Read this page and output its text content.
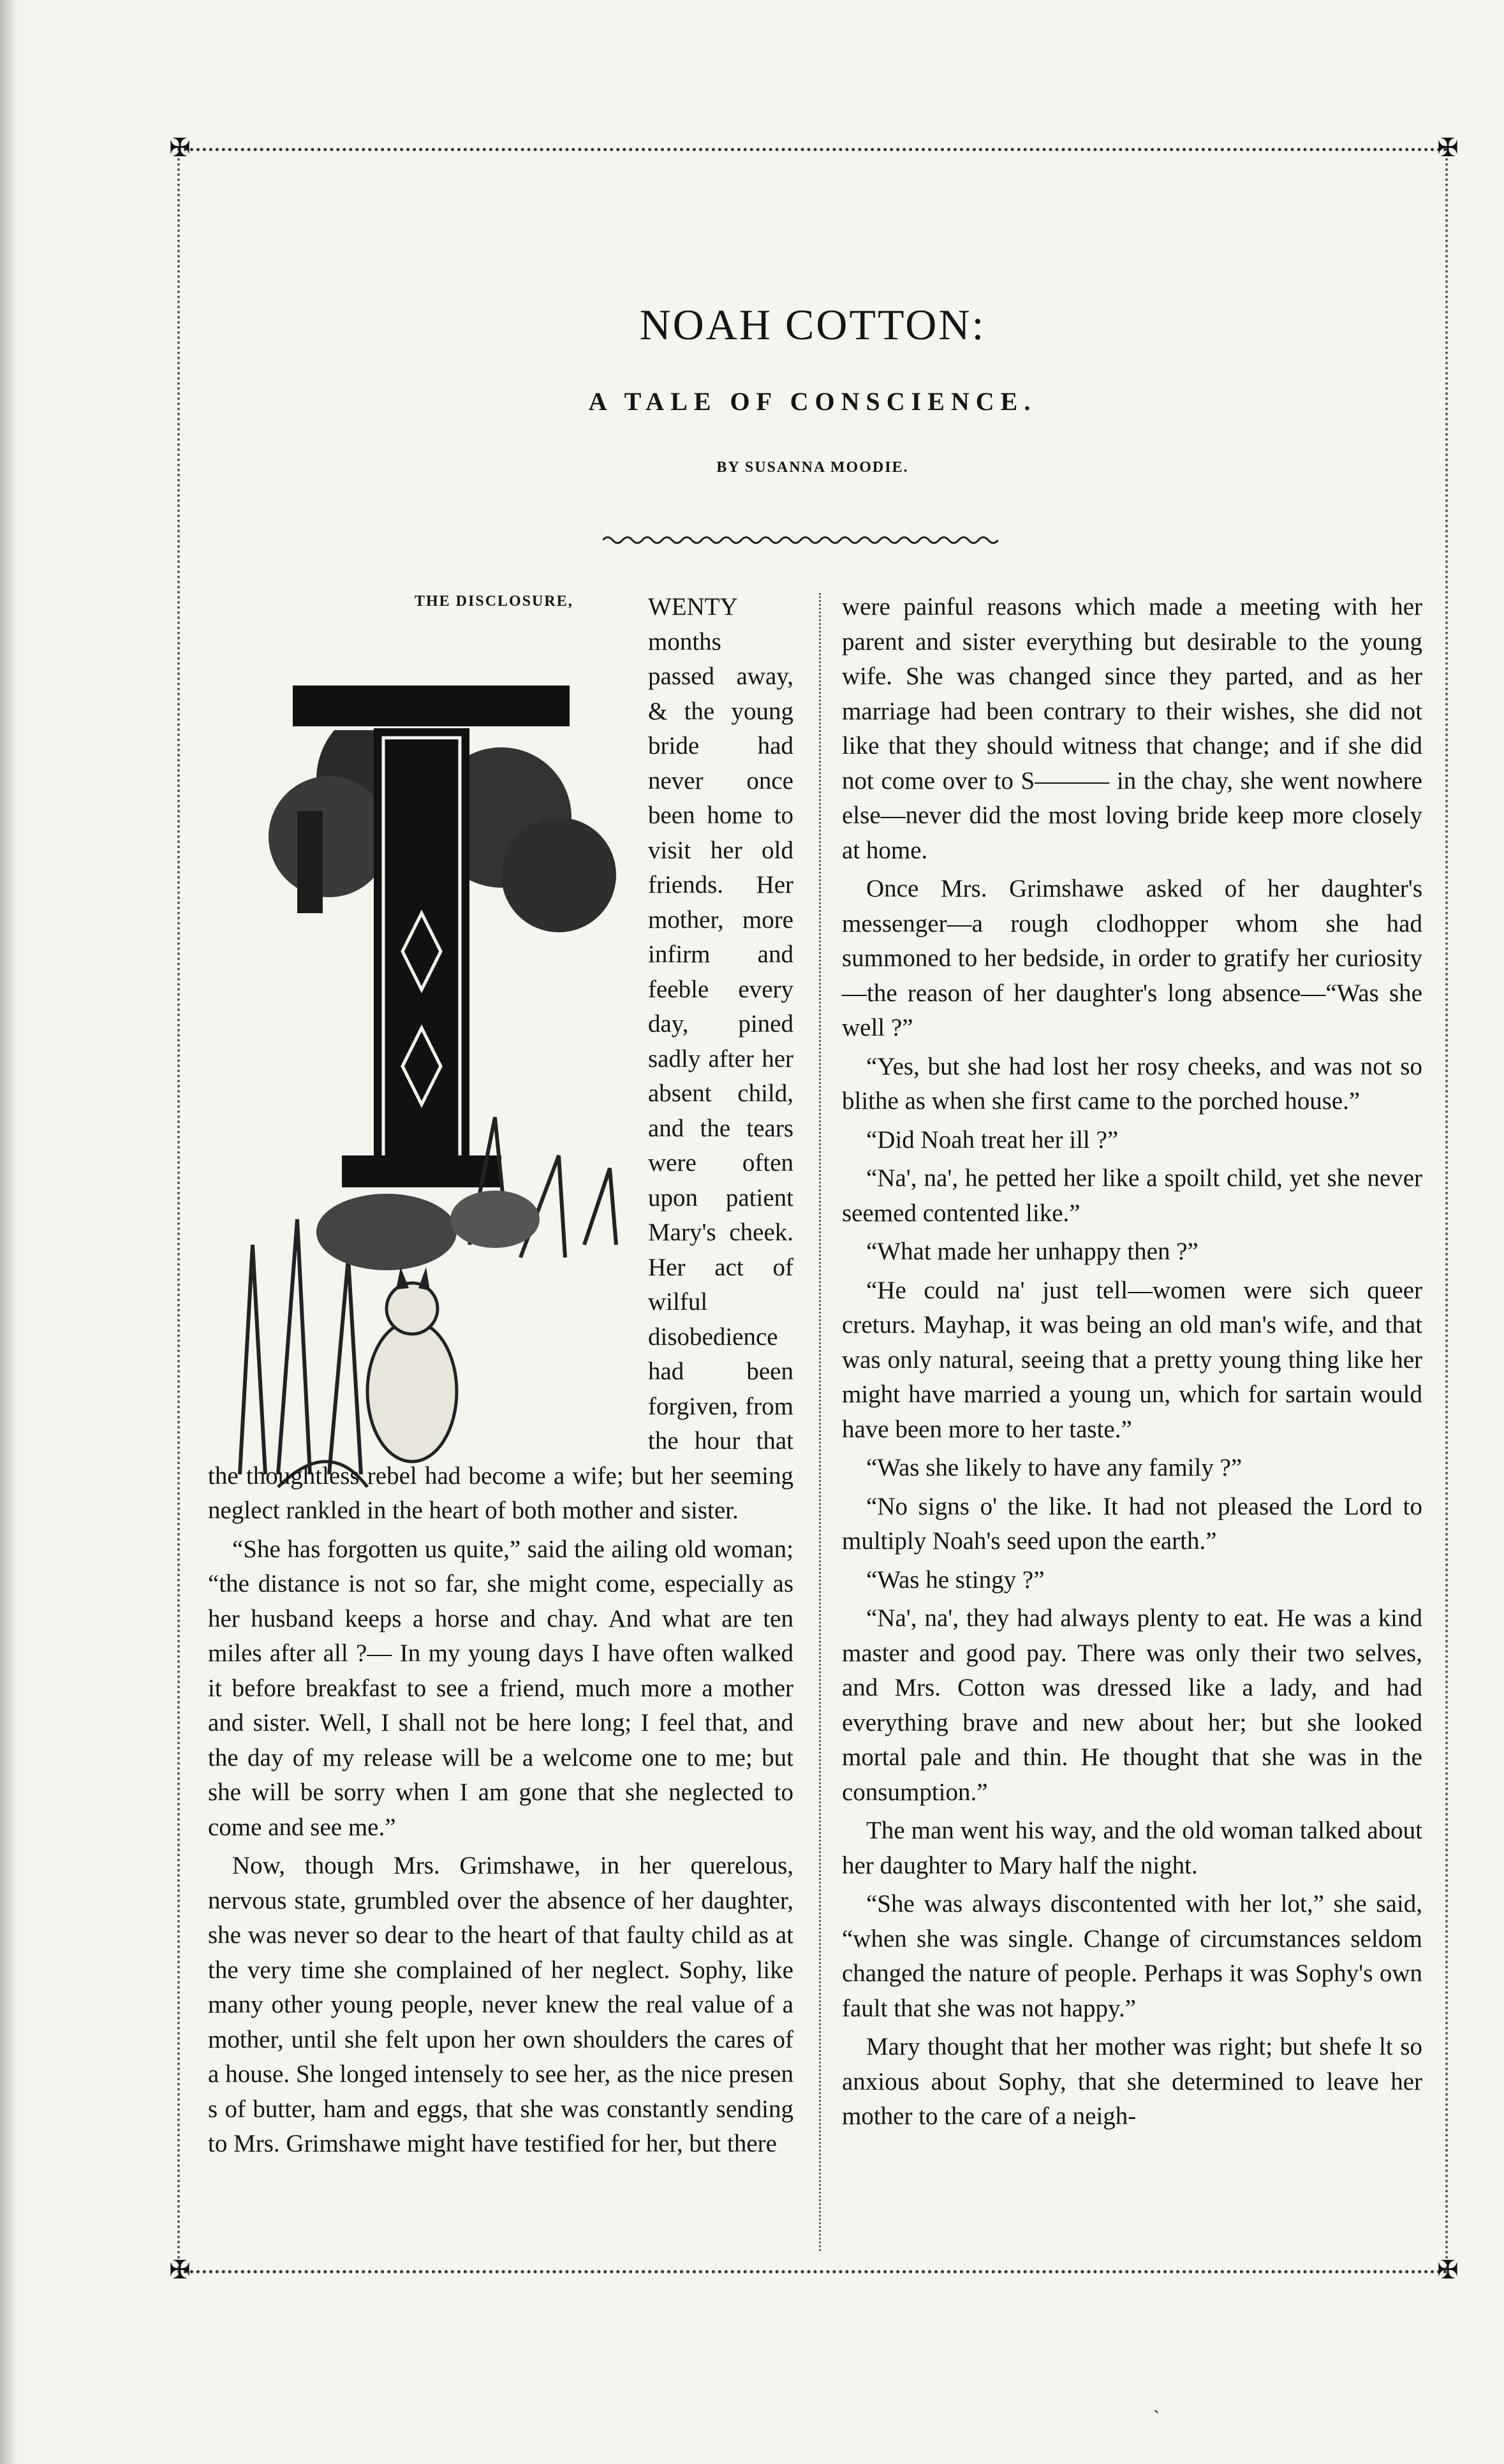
✠	✠
✠	✠
NOAH COTTON:
A TALE OF CONSCIENCE.
BY SUSANNA MOODIE.
THE DISCLOSURE,	WENTY months passed away, & the young bride had never once been home to visit her old friends. Her mother, more infirm and feeble every day, pined sadly after her absent child, and the tears were often upon patient Mary's cheek. Her act of wilful disobedience had been forgiven, from the hour that the thoughtless rebel had become a wife; but her seeming neglect rankled in the heart of both mother and sister.

“She has forgotten us quite,” said the ailing old woman; “the distance is not so far, she might come, especially as her husband keeps a horse and chay. And what are ten miles after all ?— In my young days I have often walked it before breakfast to see a friend, much more a mother and sister. Well, I shall not be here long; I feel that, and the day of my release will be a welcome one to me; but she will be sorry when I am gone that she neglected to come and see me.”

Now, though Mrs. Grimshawe, in her querelous, nervous state, grumbled over the absence of her daughter, she was never so dear to the heart of that faulty child as at the very time she complained of her neglect. Sophy, like many other young people, never knew the real value of a mother, until she felt upon her own shoulders the cares of a house. She longed intensely to see her, as the nice presen s of butter, ham and eggs, that she was constantly sending to Mrs. Grimshawe might have testified for her, but there

were painful reasons which made a meeting with her parent and sister everything but desirable to the young wife. She was changed since they parted, and as her marriage had been contrary to their wishes, she did not like that they should witness that change; and if she did not come over to S——— in the chay, she went nowhere else—never did the most loving bride keep more closely at home.

Once Mrs. Grimshawe asked of her daughter's messenger—a rough clodhopper whom she had summoned to her bedside, in order to gratify her curiosity—the reason of her daughter's long absence—“Was she well ?”

“Yes, but she had lost her rosy cheeks, and was not so blithe as when she first came to the porched house.”

“Did Noah treat her ill ?”

“Na', na', he petted her like a spoilt child, yet she never seemed contented like.”

“What made her unhappy then ?”

“He could na' just tell—women were sich queer creturs. Mayhap, it was being an old man's wife, and that was only natural, seeing that a pretty young thing like her might have married a young un, which for sartain would have been more to her taste.”

“Was she likely to have any family ?”

“No signs o' the like. It had not pleased the Lord to multiply Noah's seed upon the earth.”

“Was he stingy ?”

“Na', na', they had always plenty to eat. He was a kind master and good pay. There was only their two selves, and Mrs. Cotton was dressed like a lady, and had everything brave and new about her; but she looked mortal pale and thin. He thought that she was in the consumption.”

The man went his way, and the old woman talked about her daughter to Mary half the night.

“She was always discontented with her lot,” she said, “when she was single. Change of circumstances seldom changed the nature of people. Perhaps it was Sophy's own fault that she was not happy.”

Mary thought that her mother was right; but shefe lt so anxious about Sophy, that she determined to leave her mother to the care of a neigh-

ˏ
